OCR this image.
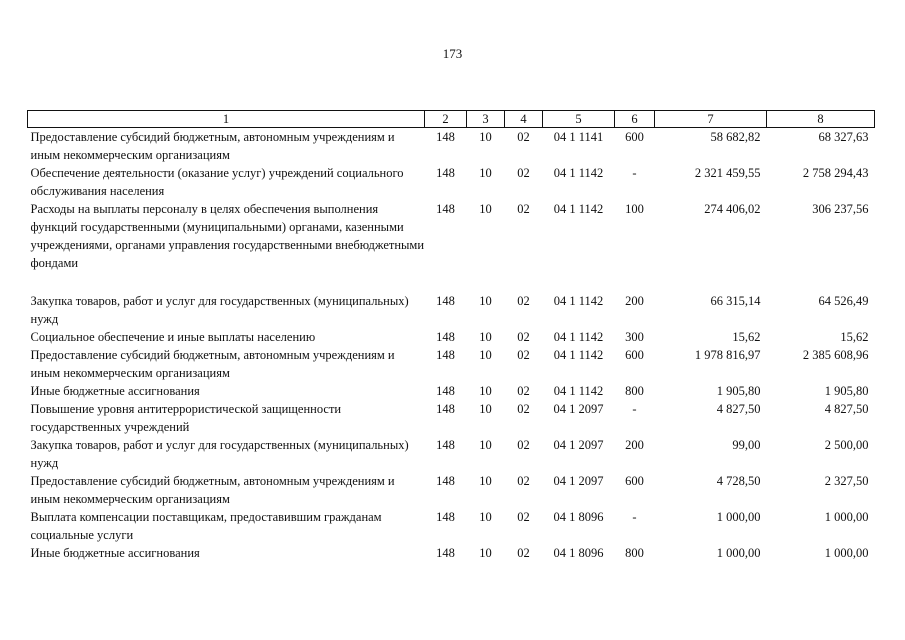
173
1	2	3	4	5	6	7	8
Предоставление субсидий бюджетным, автономным учреждениям и иным некоммерческим организациям	148	10	02	04 1 1141	600	58 682,82	68 327,63
Обеспечение деятельности (оказание услуг) учреждений социального обслуживания населения	148	10	02	04 1 1142	-	2 321 459,55	2 758 294,43
Расходы на выплаты персоналу в целях обеспечения выполнения функций государственными (муниципальными) органами, казенными учреждениями, органами управления государственными внебюджетными фондами	148	10	02	04 1 1142	100	274 406,02	306 237,56

Закупка товаров, работ и услуг для государственных (муниципальных) нужд	148	10	02	04 1 1142	200	66 315,14	64 526,49
Социальное обеспечение и иные выплаты населению	148	10	02	04 1 1142	300	15,62	15,62
Предоставление субсидий бюджетным, автономным учреждениям и иным некоммерческим организациям	148	10	02	04 1 1142	600	1 978 816,97	2 385 608,96
Иные бюджетные ассигнования	148	10	02	04 1 1142	800	1 905,80	1 905,80
Повышение уровня антитеррористической защищенности государственных учреждений	148	10	02	04 1 2097	-	4 827,50	4 827,50
Закупка товаров, работ и услуг для государственных (муниципальных) нужд	148	10	02	04 1 2097	200	99,00	2 500,00
Предоставление субсидий бюджетным, автономным учреждениям и иным некоммерческим организациям	148	10	02	04 1 2097	600	4 728,50	2 327,50
Выплата компенсации поставщикам, предоставившим гражданам социальные услуги	148	10	02	04 1 8096	-	1 000,00	1 000,00
Иные бюджетные ассигнования	148	10	02	04 1 8096	800	1 000,00	1 000,00
